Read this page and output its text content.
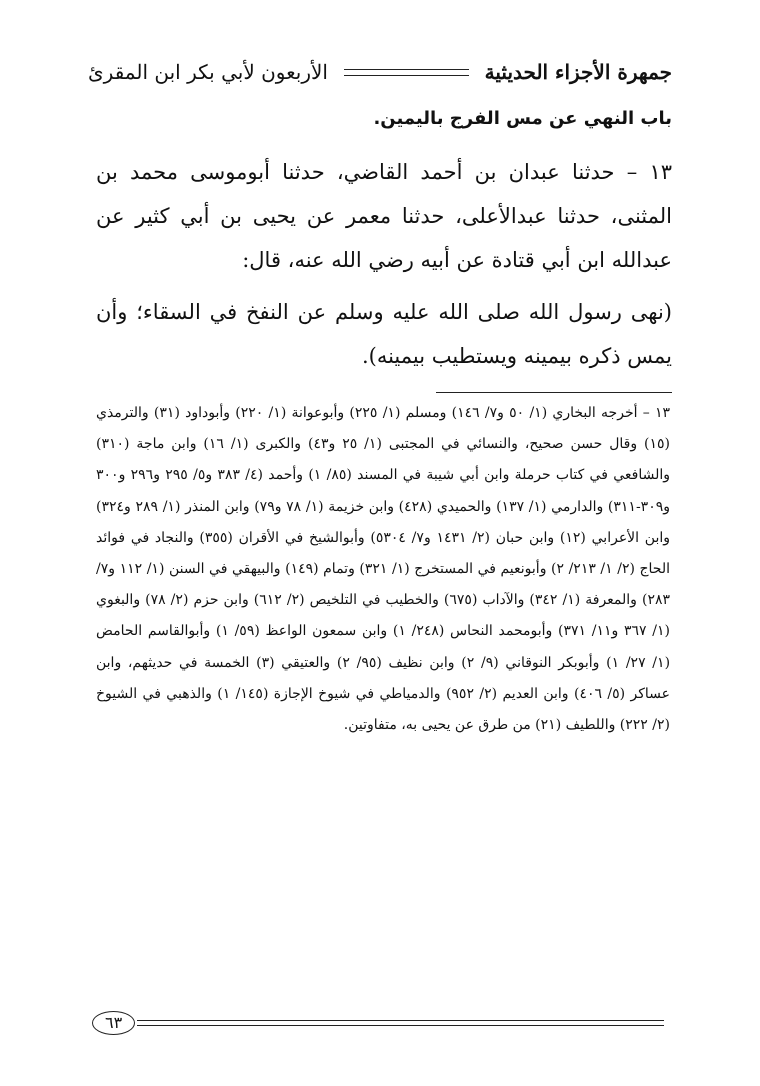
جمهرة الأجزاء الحديثية
الأربعون لأبي بكر ابن المقرئ
باب النهي عن مس الفرج باليمين.

١٣ – حدثنا عبدان بن أحمد القاضي، حدثنا أبوموسى محمد بن المثنى، حدثنا عبدالأعلى، حدثنا معمر عن يحيى بن أبي كثير عن عبدالله ابن أبي قتادة عن أبيه رضي الله عنه، قال:

(نهى رسول الله صلى الله عليه وسلم عن النفخ في السقاء؛ وأن يمس ذكره بيمينه ويستطيب بيمينه).

١٣ – أخرجه البخاري (١/ ٥٠ و٧/ ١٤٦) ومسلم (١/ ٢٢٥) وأبوعوانة (١/ ٢٢٠) وأبوداود (٣١) والترمذي (١٥) وقال حسن صحيح، والنسائي في المجتبى (١/ ٢٥ و٤٣) والكبرى (١/ ١٦) وابن ماجة (٣١٠) والشافعي في كتاب حرملة وابن أبي شيبة في المسند (٨٥/ ١) وأحمد (٤/ ٣٨٣ و٥/ ٢٩٥ و٢٩٦ و٣٠٠ و٣٠٩-٣١١) والدارمي (١/ ١٣٧) والحميدي (٤٢٨) وابن خزيمة (١/ ٧٨ و٧٩) وابن المنذر (١/ ٢٨٩ و٣٢٤) وابن الأعرابي (١٢) وابن حبان (٢/ ١٤٣١ و٧/ ٥٣٠٤) وأبوالشيخ في الأقران (٣٥٥) والنجاد في فوائد الحاج (٢/ ١/ ٢١٣/ ٢) وأبونعيم في المستخرج (١/ ٣٢١) وتمام (١٤٩) والبيهقي في السنن (١/ ١١٢ و٧/ ٢٨٣) والمعرفة (١/ ٣٤٢) والآداب (٦٧٥) والخطيب في التلخيص (٢/ ٦١٢) وابن حزم (٢/ ٧٨) والبغوي (١/ ٣٦٧ و١١/ ٣٧١) وأبومحمد النحاس (٢٤٨/ ١) وابن سمعون الواعظ (٥٩/ ١) وأبوالقاسم الحامض (١/ ٢٧/ ١) وأبوبكر النوقاني (٩/ ٢) وابن نظيف (٩٥/ ٢) والعتيقي (٣) الخمسة في حديثهم، وابن عساكر (٥/ ٤٠٦) وابن العديم (٢/ ٩٥٢) والدمياطي في شيوخ الإجازة (١٤٥/ ١) والذهبي في الشيوخ (٢/ ٢٢٢) واللطيف (٢١) من طرق عن يحيى به، متفاوتين.
٦٣
